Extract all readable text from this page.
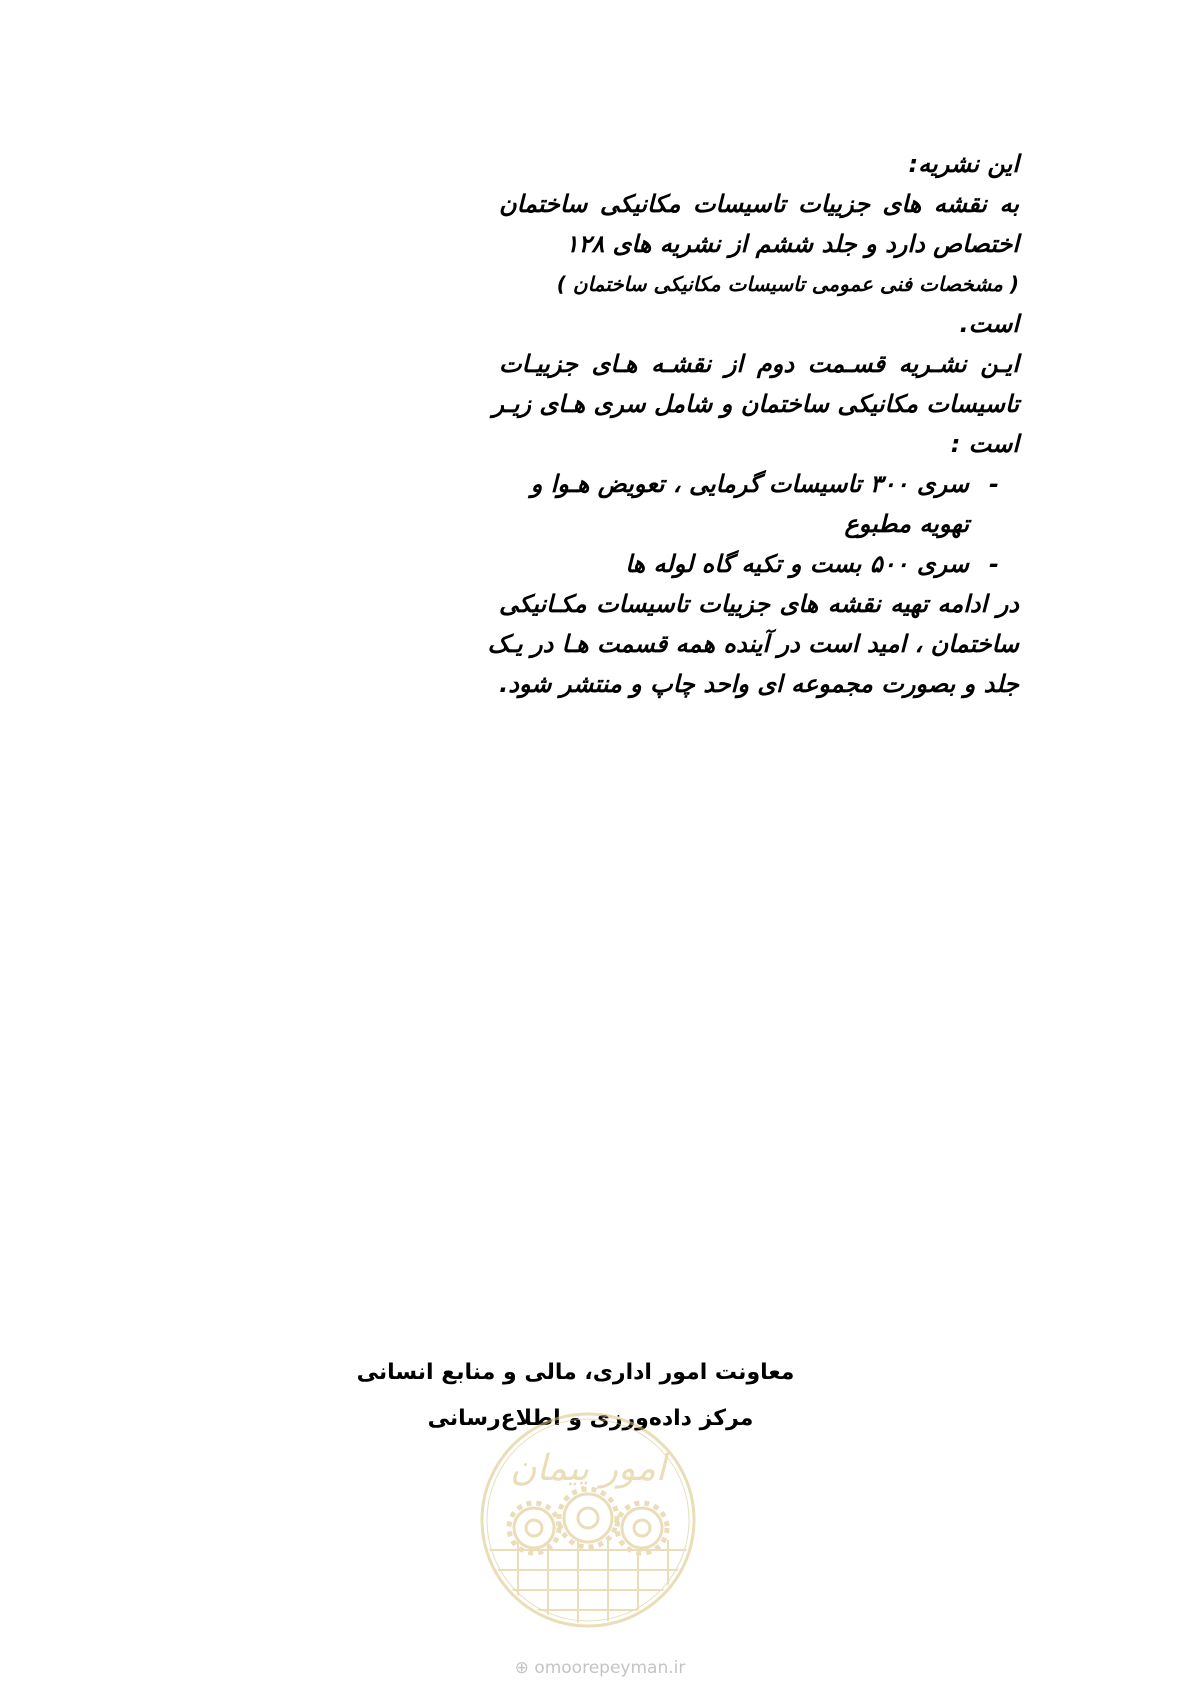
این نشریه:
به نقشه های جزییات تاسیسات مکانیکی ساختمان
اختصاص دارد و جلد ششم از نشریه های ۱۲۸
( مشخصات فنی عمومی تاسیسات مکانیکی ساختمان )
است.
ایـن نشـریه قسـمت دوم از نقشـه هـای جزییـات
تاسیسات مکانیکی ساختمان و شامل سری هـای زیـر
است :
-
سری ۳۰۰ تاسیسات گرمایی ، تعویض هـوا و
تهویه مطبوع
-
سری ۵۰۰ بست و تکیه گاه لوله ها
در ادامه تهیه نقشه های جزییات تاسیسات مکـانیکی
ساختمان ، امید است در آینده همه قسمت هـا در یـک
جلد و بصورت مجموعه ای واحد چاپ و منتشر شود.
معاونت امور اداری، مالی و منابع انسانی
مرکز داده‌ورزی و اطلاع‌رسانی
امور پیمان
⊕ omoorepeyman.ir
